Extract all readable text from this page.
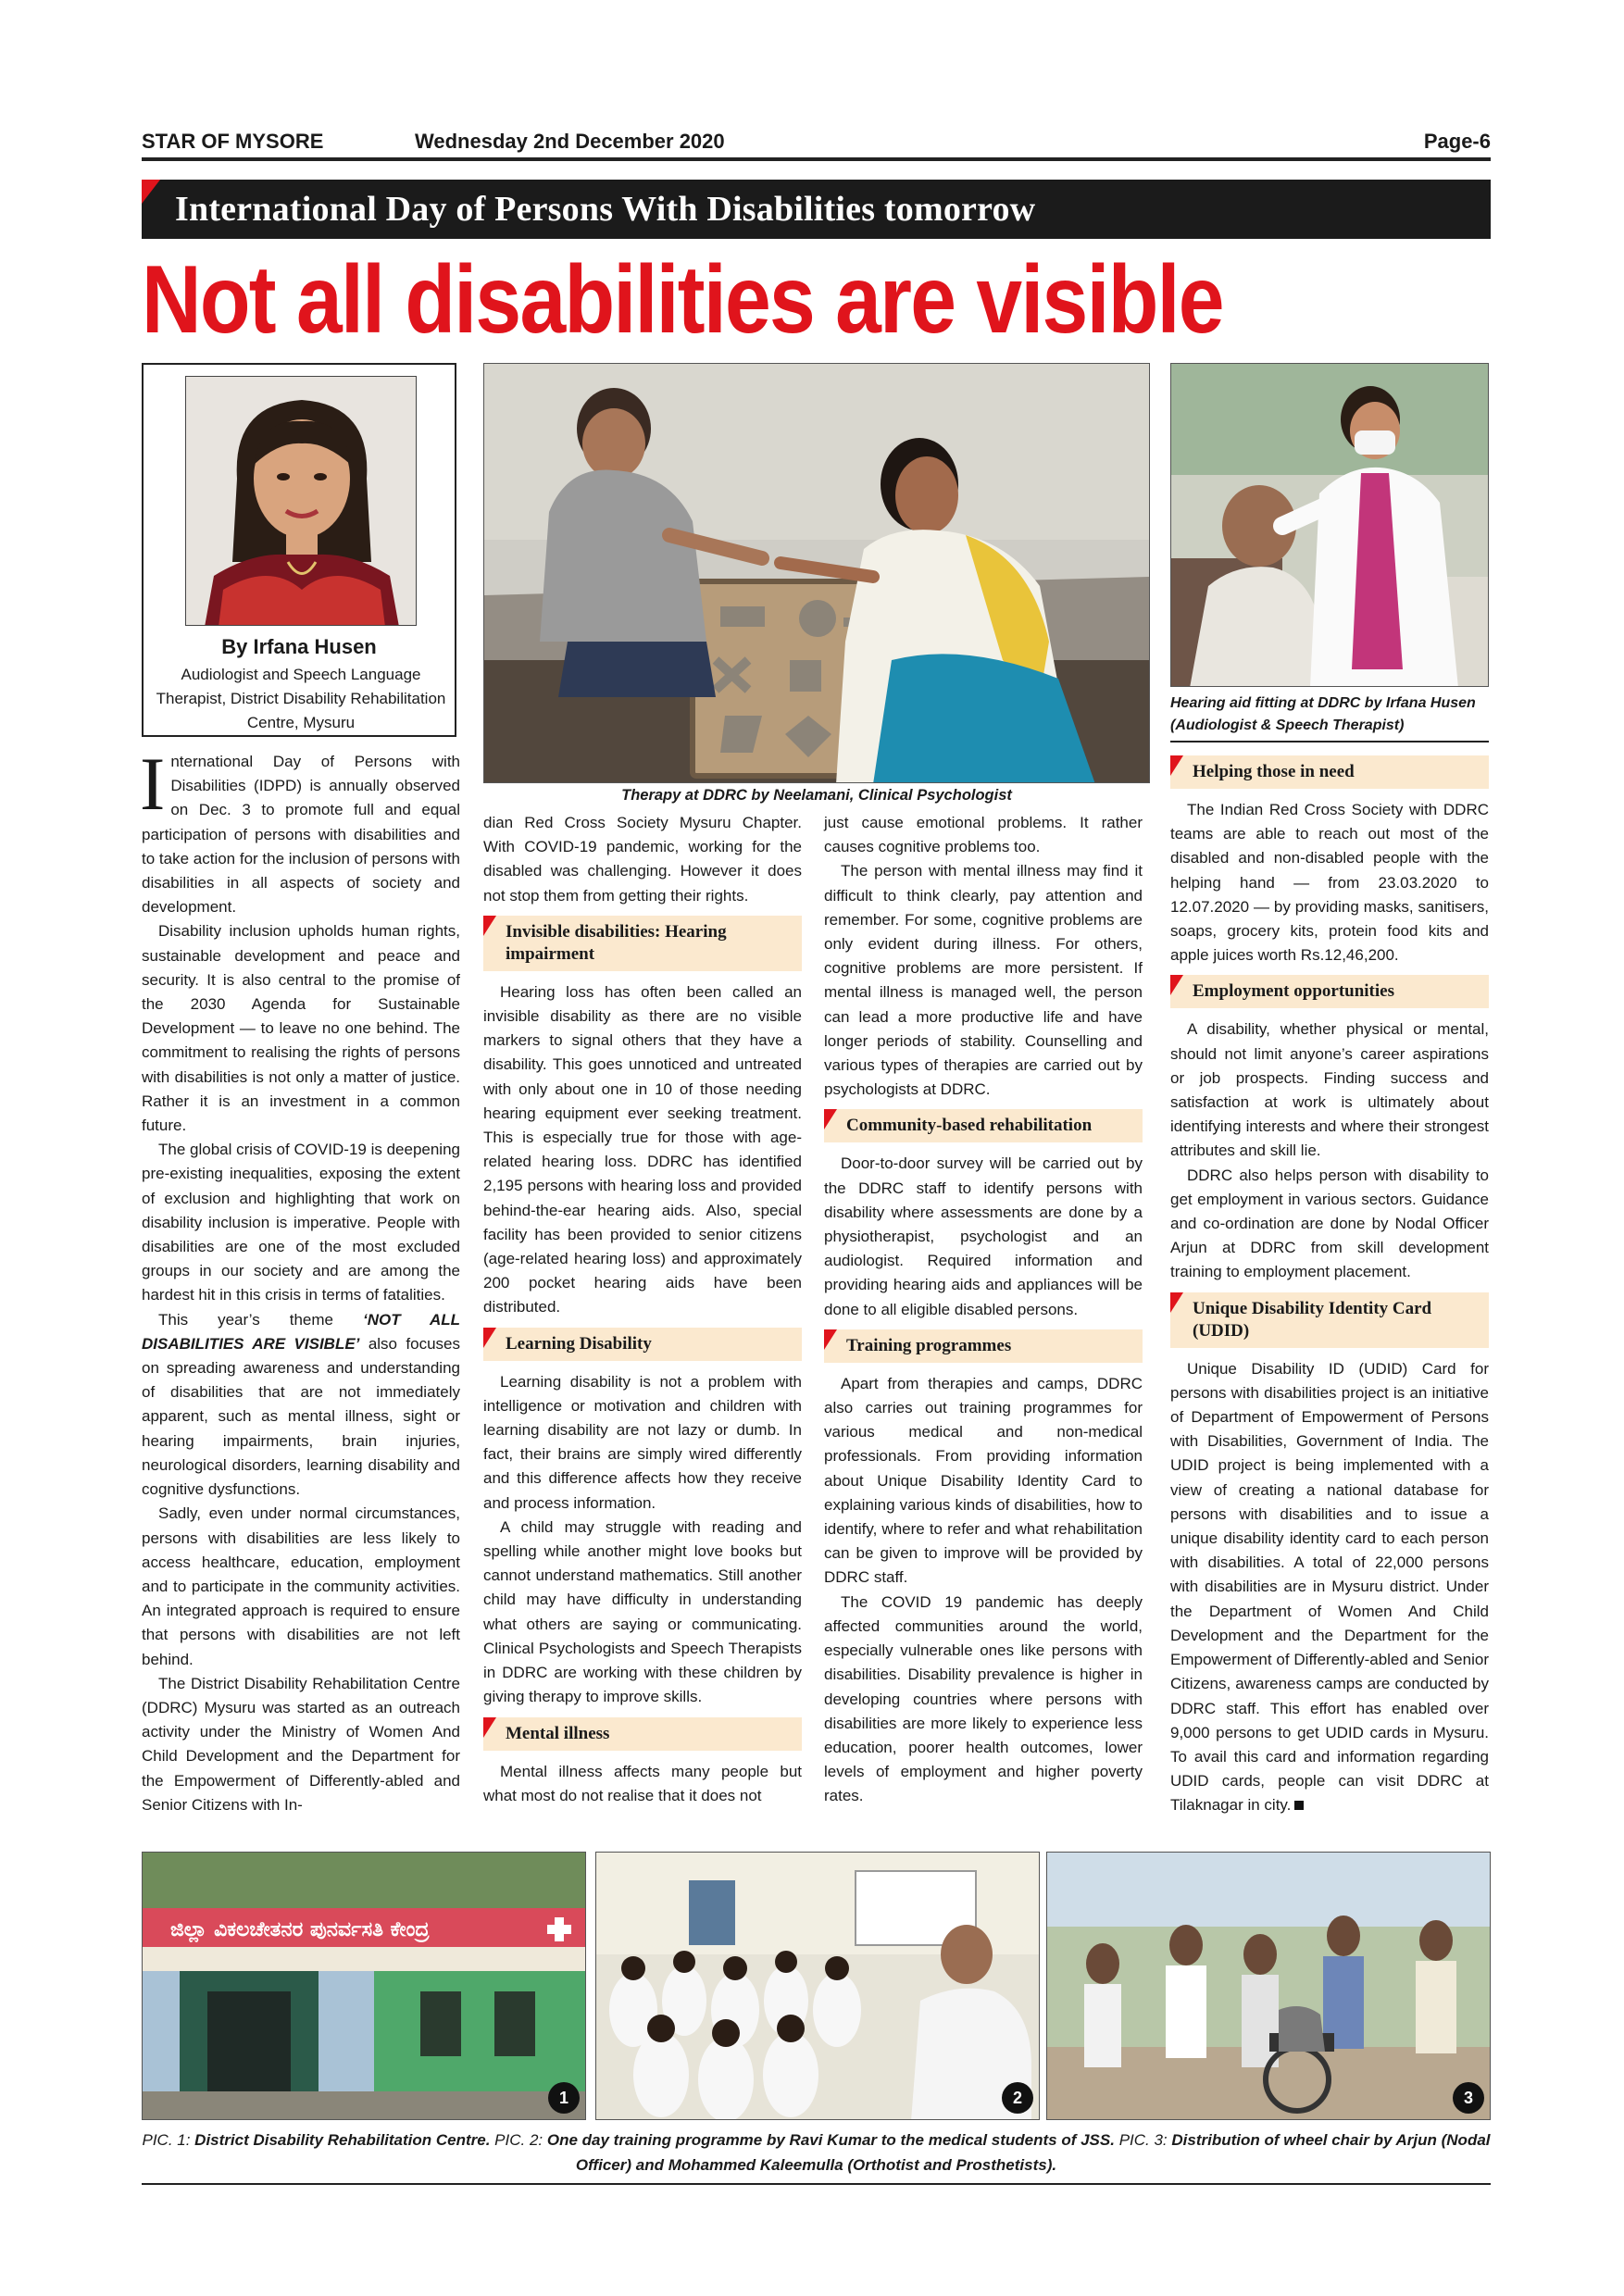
STAR OF MYSORE	Wednesday 2nd December 2020	Page-6
International Day of Persons With Disabilities tomorrow
Not all disabilities are visible
By Irfana Husen
Audiologist and Speech Language Therapist, District Disability Rehabilitation Centre, Mysuru
Therapy at DDRC by Neelamani, Clinical Psychologist
Hearing aid fitting at DDRC by Irfana Husen (Audiologist & Speech Therapist)
I nternational Day of Persons with Disabilities (IDPD) is annually observed on Dec. 3 to promote full and equal participation of persons with disabilities and to take action for the inclusion of persons with disabilities in all aspects of society and development.

Disability inclusion upholds human rights, sustainable development and peace and security. It is also central to the promise of the 2030 Agenda for Sustainable Development — to leave no one behind. The commitment to realising the rights of persons with disabilities is not only a matter of justice. Rather it is an investment in a common future.

The global crisis of COVID-19 is deepening pre-existing inequalities, exposing the extent of exclusion and highlighting that work on disability inclusion is imperative. People with disabilities are one of the most excluded groups in our society and are among the hardest hit in this crisis in terms of fatalities.

This year’s theme ‘NOT ALL DISABILITIES ARE VISIBLE’ also focuses on spreading awareness and understanding of disabilities that are not immediately apparent, such as mental illness, sight or hearing impairments, brain injuries, neurological disorders, learning disability and cognitive dysfunctions.

Sadly, even under normal circumstances, persons with disabilities are less likely to access healthcare, education, employment and to participate in the community activities. An integrated approach is required to ensure that persons with disabilities are not left behind.

The District Disability Rehabilitation Centre (DDRC) Mysuru was started as an outreach activity under the Ministry of Women And Child Development and the Department for the Empowerment of Differently-abled and Senior Citizens with In-

dian Red Cross Society Mysuru Chapter. With COVID-19 pandemic, working for the disabled was challenging. However it does not stop them from getting their rights.

Invisible disabilities: Hearing impairment

Hearing loss has often been called an invisible disability as there are no visible markers to signal others that they have a disability. This goes unnoticed and untreated with only about one in 10 of those needing hearing equipment ever seeking treatment. This is especially true for those with age-related hearing loss. DDRC has identified 2,195 persons with hearing loss and provided behind-the-ear hearing aids. Also, special facility has been provided to senior citizens (age-related hearing loss) and approximately 200 pocket hearing aids have been distributed.

Learning Disability

Learning disability is not a problem with intelligence or motivation and children with learning disability are not lazy or dumb. In fact, their brains are simply wired differently and this difference affects how they receive and process information.

A child may struggle with reading and spelling while another might love books but cannot understand mathematics. Still another child may have difficulty in understanding what others are saying or communicating. Clinical Psychologists and Speech Therapists in DDRC are working with these children by giving therapy to improve skills.

Mental illness

Mental illness affects many people but what most do not realise that it does not

just cause emotional problems. It rather causes cognitive problems too.

The person with mental illness may find it difficult to think clearly, pay attention and remember. For some, cognitive problems are only evident during illness. For others, cognitive problems are more persistent. If mental illness is managed well, the person can lead a more productive life and have longer periods of stability. Counselling and various types of therapies are carried out by psychologists at DDRC.

Community-based rehabilitation

Door-to-door survey will be carried out by the DDRC staff to identify persons with disability where assessments are done by a physiotherapist, psychologist and an audiologist. Required information and providing hearing aids and appliances will be done to all eligible disabled persons.

Training programmes

Apart from therapies and camps, DDRC also carries out training programmes for various medical and non-medical professionals. From providing information about Unique Disability Identity Card to explaining various kinds of disabilities, how to identify, where to refer and what rehabilitation can be given to improve will be provided by DDRC staff.

The COVID 19 pandemic has deeply affected communities around the world, especially vulnerable ones like persons with disabilities. Disability prevalence is higher in developing countries where persons with disabilities are more likely to experience less education, poorer health outcomes, lower levels of employment and higher poverty rates.

Helping those in need

The Indian Red Cross Society with DDRC teams are able to reach out most of the disabled and non-disabled people with the helping hand — from 23.03.2020 to 12.07.2020 — by providing masks, sanitisers, soaps, grocery kits, protein food kits and apple juices worth Rs.12,46,200.

Employment opportunities

A disability, whether physical or mental, should not limit anyone’s career aspirations or job prospects. Finding success and satisfaction at work is ultimately about identifying interests and where their strongest attributes and skill lie.

DDRC also helps person with disability to get employment in various sectors. Guidance and co-ordination are done by Nodal Officer Arjun at DDRC from skill development training to employment placement.

Unique Disability Identity Card (UDID)

Unique Disability ID (UDID) Card for persons with disabilities project is an initiative of Department of Empowerment of Persons with Disabilities, Government of India. The UDID project is being implemented with a view of creating a national database for persons with disabilities and to issue a unique disability identity card to each person with disabilities. A total of 22,000 persons with disabilities are in Mysuru district. Under the Department of Women And Child Development and the Department for the Empowerment of Differently-abled and Senior Citizens, awareness camps are conducted by DDRC staff. This effort has enabled over 9,000 persons to get UDID cards in Mysuru. To avail this card and information regarding UDID cards, people can visit DDRC at Tilaknagar in city.

ಜಿಲ್ಲಾ ವಿಕಲಚೇತನರ ಪುನರ್ವಸತಿ ಕೇಂದ್ರ
1	2	3
PIC. 1: District Disability Rehabilitation Centre. PIC. 2: One day training programme by Ravi Kumar to the medical students of JSS. PIC. 3: Distribution of wheel chair by Arjun (Nodal Officer) and Mohammed Kaleemulla (Orthotist and Prosthetists).
